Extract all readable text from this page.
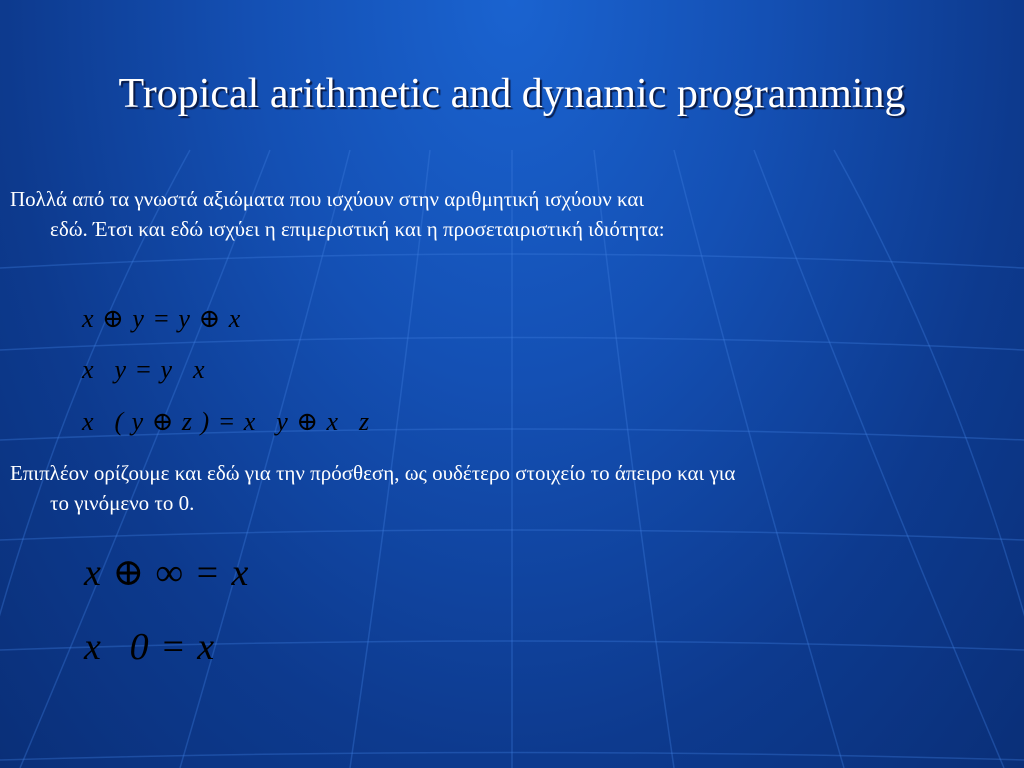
Tropical arithmetic and dynamic programming
Πολλά από τα γνωστά αξιώματα που ισχύουν στην αριθμητική ισχύουν και
εδώ. Έτσι και εδώ ισχύει η επιμεριστική και η προσεταιριστική ιδιότητα:
x ⊕ y = y ⊕ x
x   y = y   x
x   ( y ⊕ z ) = x   y ⊕ x   z
Επιπλέον ορίζουμε και εδώ για την πρόσθεση, ως ουδέτερο στοιχείο το άπειρο και για
το γινόμενο το 0.
x ⊕ ∞ = x
x   0 = x
